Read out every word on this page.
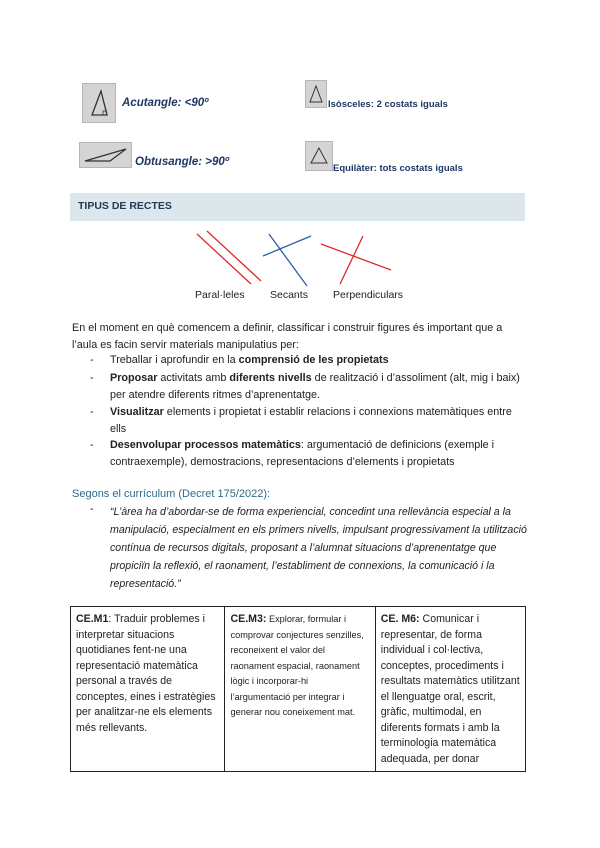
Acutangle: <90º
Obtusangle: >90º
Isòsceles: 2 costats iguals
Equilàter: tots costats iguals
TIPUS DE RECTES
Paral·leles Secants Perpendiculars
En el moment en què comencem a definir, classificar i construir figures és important que a l’aula es facin servir materials manipulatius per:
- Treballar i aprofundir en la comprensió de les propietats
- Proposar activitats amb diferents nivells de realització i d’assoliment (alt, mig i baix) per atendre diferents ritmes d’aprenentatge.
- Visualitzar elements i propietat i establir relacions i connexions matemàtiques entre ells
- Desenvolupar processos matemàtics: argumentació de definicions (exemple i contraexemple), demostracions, representacions d’elements i propietats
Segons el currículum (Decret 175/2022):
- “L’àrea ha d’abordar-se de forma experiencial, concedint una rellevància especial a la manipulació, especialment en els primers nivells, impulsant progressivament la utilització contínua de recursos digitals, proposant a l’alumnat situacions d’aprenentatge que propiciïn la reflexió, el raonament, l’establiment de connexions, la comunicació i la representació.”
CE.M1: Traduir problemes i interpretar situacions quotidianes fent-ne una representació matemàtica personal a través de conceptes, eines i estratègies per analitzar-ne els elements més rellevants.	CE.M3: Explorar, formular i comprovar conjectures senzilles, reconeixent el valor del raonament espacial, raonament lògic i incorporar-hi l’argumentació per integrar i generar nou coneixement mat.	CE. M6: Comunicar i representar, de forma individual i col·lectiva, conceptes, procediments i resultats matemàtics utilitzant el llenguatge oral, escrit, gràfic, multimodal, en diferents formats i amb la terminologia matemàtica adequada, per donar
